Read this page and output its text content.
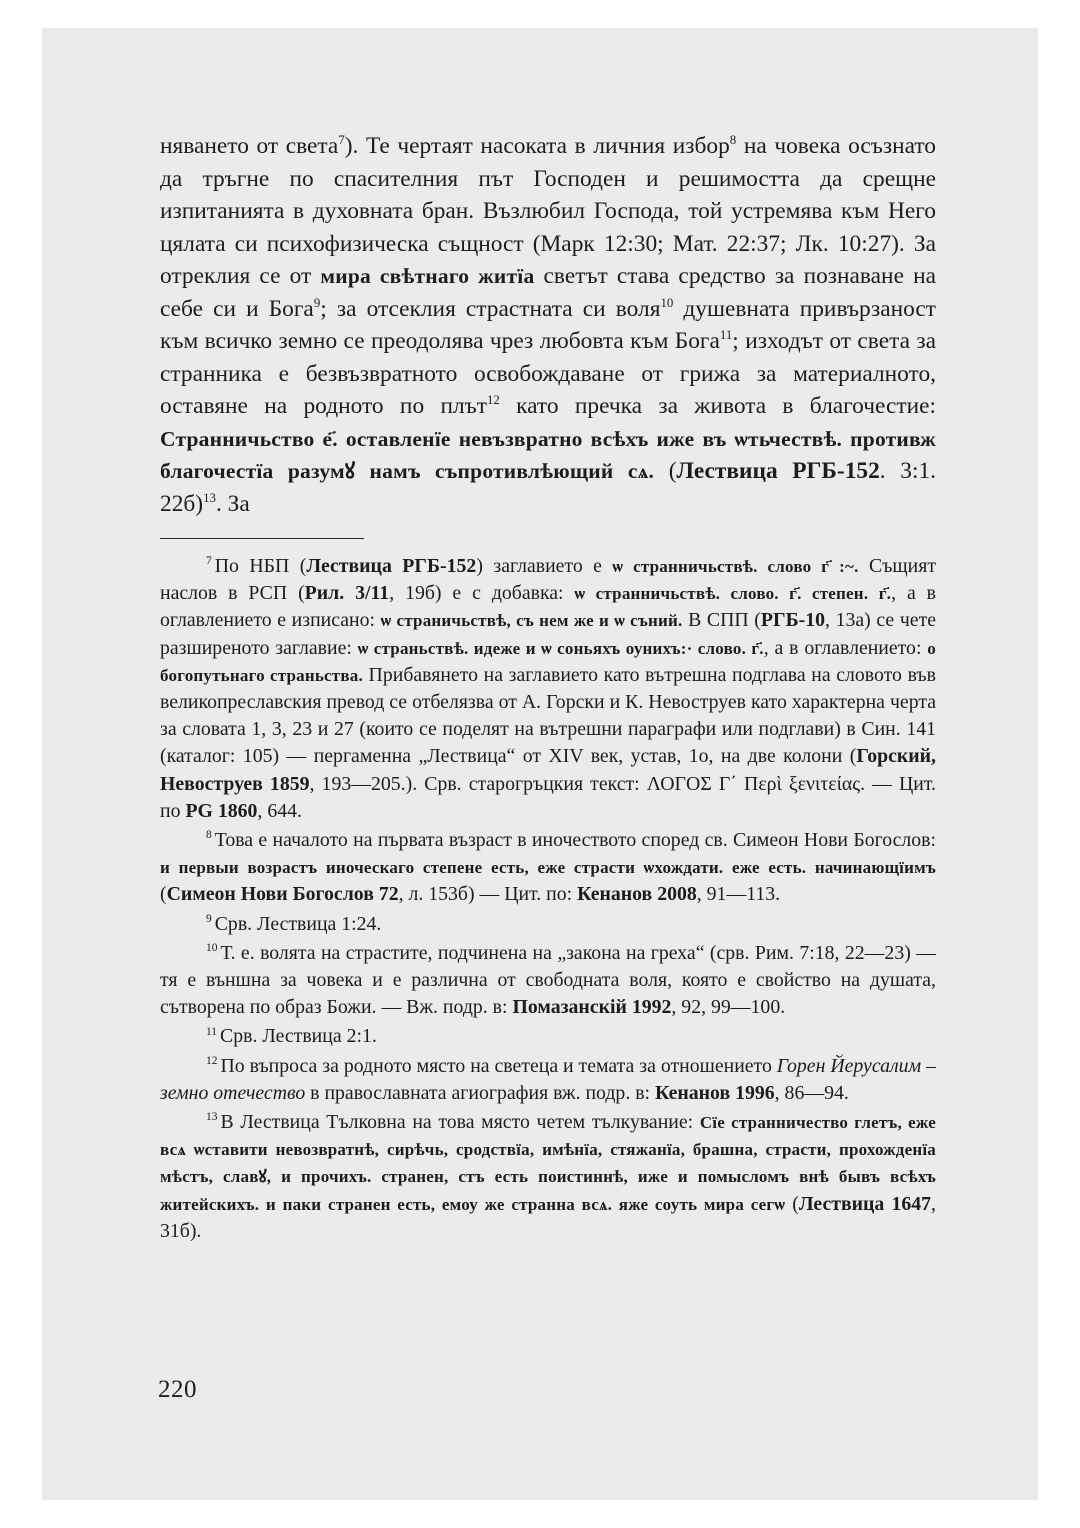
няването от света$^7$). Те чертаят насоката в личния избор$^8$ на човека осъзнато да тръгне по спасителния път Господен и решимостта да срещне изпитанията в духовната бран. Възлюбил Господа, той устремява към Него цялата си психофизическа същност (Марк 12:30; Мат. 22:37; Лк. 10:27). За отреклия се от мира свѣтнаго житїа светът става средство за познаване на себе си и Бога$^9$; за отсеклия страстната си воля$^{10}$ душевната привързаност към всичко земно се преодолява чрез любовта към Бога$^{11}$; изходът от света за странника е безвъзвратното освобождаване от грижа за материалното, оставяне на родното по плът$^{12}$ като пречка за живота в благочестие: Странничьство е҃. оставленїе невъзвратно всѣхъ иже въ ѡтьчествѣ. противж благочестїа разумꙋ намъ съпротивлѣющий сѧ. (Лествица РГБ-152. 3:1. 22б)$^{13}$. За

$^7$ По НБП (Лествица РГБ-152) заглавието е ѡ странничьствѣ. слово г҃ :~. Същият наслов в РСП (Рил. 3/11, 19б) е с добавка: ѡ странничьствѣ. слово. г҃. степен. г҃., а в оглавлението е изписано: ѡ страничьствѣ, съ нем же и ѡ съний. В СПП (РГБ-10, 13а) се чете разширеното заглавие: ѡ страньствѣ. идеже и ѡ соньяхъ оунихъ:· слово. г҃., а в оглавлението: о богопутьнаго страньства. Прибавянето на заглавието като вътрешна подглава на словото във великопреславския превод се отбелязва от А. Горски и К. Невоструев като характерна черта за словата 1, 3, 23 и 27 (които се поделят на вътрешни параграфи или подглави) в Син. 141 (каталог: 105) — пергаменна „Лествица“ от XIV век, устав, 1о, на две колони (Горский, Невоструев 1859, 193—205.). Срв. старогръцкия текст: ΛΟΓΟΣ Γ΄ Περὶ ξενιτείας. — Цит. по PG 1860, 644.

$^8$ Това е началото на първата възраст в иночеството според св. Симеон Нови Богослов: и первыи возрастъ иноческаго степене есть, еже страсти ѡхождати. еже есть. начинающїимъ (Симеон Нови Богослов 72, л. 153б) — Цит. по: Кенанов 2008, 91—113.

$^9$ Срв. Лествица 1:24.

$^{10}$ Т. е. волята на страстите, подчинена на „закона на греха“ (срв. Рим. 7:18, 22—23) — тя е външна за човека и е различна от свободната воля, която е свойство на душата, сътворена по образ Божи. — Вж. подр. в: Помазанскій 1992, 92, 99—100.

$^{11}$ Срв. Лествица 2:1.

$^{12}$ По въпроса за родното място на светеца и темата за отношението Горен Йерусалим – земно отечество в православната агиография вж. подр. в: Кенанов 1996, 86—94.

$^{13}$ В Лествица Тълковна на това място четем тълкувание: Сїе странничество глетъ, еже всѧ ѡставити невозвратнѣ, сирѣчь, сродствїа, имѣнїа, стяжанїа, брашна, страсти, прохожденїа мѣстъ, славꙋ, и прочихъ. странен, стъ есть поистиннѣ, иже и помысломъ внѣ бывъ всѣхъ житейскихъ. и паки странен есть, емоу же странна всѧ. яже соуть мира сегѡ (Лествица 1647, 31б).

220
